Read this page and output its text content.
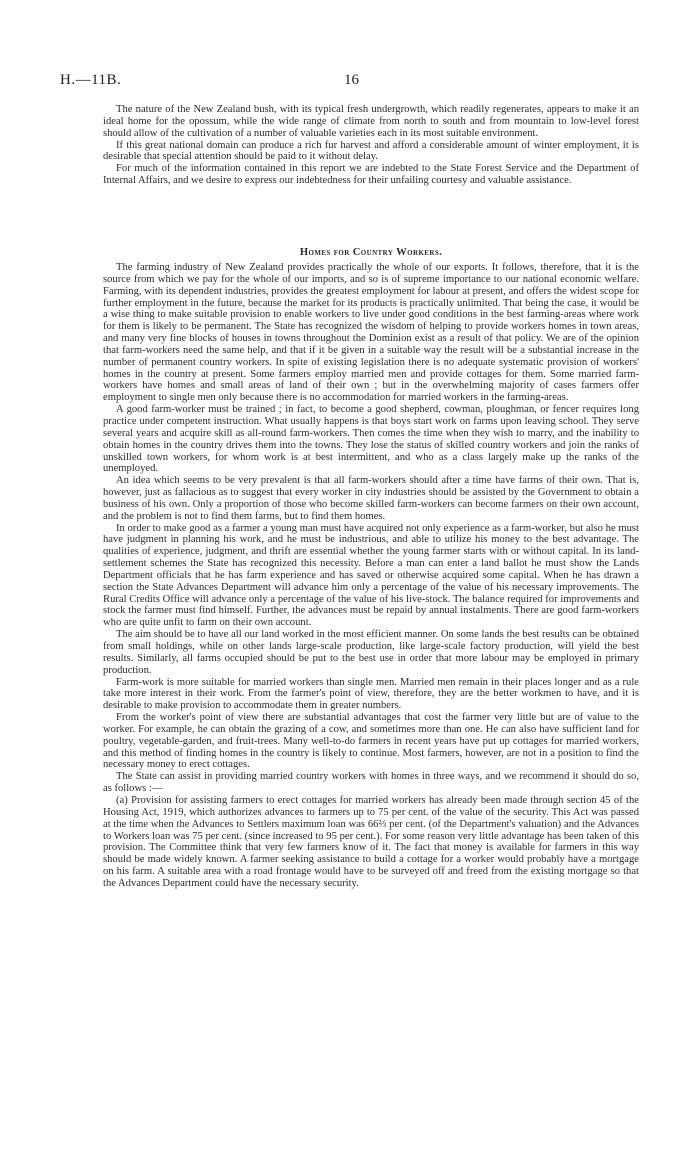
H.—11B.	16

The nature of the New Zealand bush, with its typical fresh undergrowth, which readily regenerates, appears to make it an ideal home for the opossum, while the wide range of climate from north to south and from mountain to low-level forest should allow of the cultivation of a number of valuable varieties each in its most suitable environment.

If this great national domain can produce a rich fur harvest and afford a considerable amount of winter employment, it is desirable that special attention should be paid to it without delay.

For much of the information contained in this report we are indebted to the State Forest Service and the Department of Internal Affairs, and we desire to express our indebtedness for their unfailing courtesy and valuable assistance.

Homes for Country Workers.

The farming industry of New Zealand provides practically the whole of our exports. It follows, therefore, that it is the source from which we pay for the whole of our imports, and so is of supreme importance to our national economic welfare. Farming, with its dependent industries, provides the greatest employment for labour at present, and offers the widest scope for further employment in the future, because the market for its products is practically unlimited. That being the case, it would be a wise thing to make suitable provision to enable workers to live under good conditions in the best farming-areas where work for them is likely to be permanent. The State has recognized the wisdom of helping to provide workers homes in town areas, and many very fine blocks of houses in towns throughout the Dominion exist as a result of that policy. We are of the opinion that farm-workers need the same help, and that if it be given in a suitable way the result will be a substantial increase in the number of permanent country workers. In spite of existing legislation there is no adequate systematic provision of workers' homes in the country at present. Some farmers employ married men and provide cottages for them. Some married farm-workers have homes and small areas of land of their own ; but in the overwhelming majority of cases farmers offer employment to single men only because there is no accommodation for married workers in the farming-areas.

A good farm-worker must be trained ; in fact, to become a good shepherd, cowman, ploughman, or fencer requires long practice under competent instruction. What usually happens is that boys start work on farms upon leaving school. They serve several years and acquire skill as all-round farm-workers. Then comes the time when they wish to marry, and the inability to obtain homes in the country drives them into the towns. They lose the status of skilled country workers and join the ranks of unskilled town workers, for whom work is at best intermittent, and who as a class largely make up the ranks of the unemployed.

An idea which seems to be very prevalent is that all farm-workers should after a time have farms of their own. That is, however, just as fallacious as to suggest that every worker in city industries should be assisted by the Government to obtain a business of his own. Only a proportion of those who become skilled farm-workers can become farmers on their own account, and the problem is not to find them farms, but to find them homes.

In order to make good as a farmer a young man must have acquired not only experience as a farm-worker, but also he must have judgment in planning his work, and he must be industrious, and able to utilize his money to the best advantage. The qualities of experience, judgment, and thrift are essential whether the young farmer starts with or without capital. In its land-settlement schemes the State has recognized this necessity. Before a man can enter a land ballot he must show the Lands Department officials that he has farm experience and has saved or otherwise acquired some capital. When he has drawn a section the State Advances Department will advance him only a percentage of the value of his necessary improvements. The Rural Credits Office will advance only a percentage of the value of his live-stock. The balance required for improvements and stock the farmer must find himself. Further, the advances must be repaid by annual instalments. There are good farm-workers who are quite unfit to farm on their own account.

The aim should be to have all our land worked in the most efficient manner. On some lands the best results can be obtained from small holdings, while on other lands large-scale production, like large-scale factory production, will yield the best results. Similarly, all farms occupied should be put to the best use in order that more labour may be employed in primary production.

Farm-work is more suitable for married workers than single men. Married men remain in their places longer and as a rule take more interest in their work. From the farmer's point of view, therefore, they are the better workmen to have, and it is desirable to make provision to accommodate them in greater numbers.

From the worker's point of view there are substantial advantages that cost the farmer very little but are of value to the worker. For example, he can obtain the grazing of a cow, and sometimes more than one. He can also have sufficient land for poultry, vegetable-garden, and fruit-trees. Many well-to-do farmers in recent years have put up cottages for married workers, and this method of finding homes in the country is likely to continue. Most farmers, however, are not in a position to find the necessary money to erect cottages.

The State can assist in providing married country workers with homes in three ways, and we recommend it should do so, as follows :—

(a) Provision for assisting farmers to erect cottages for married workers has already been made through section 45 of the Housing Act, 1919, which authorizes advances to farmers up to 75 per cent. of the value of the security. This Act was passed at the time when the Advances to Settlers maximum loan was 66⅔ per cent. (of the Department's valuation) and the Advances to Workers loan was 75 per cent. (since increased to 95 per cent.). For some reason very little advantage has been taken of this provision. The Committee think that very few farmers know of it. The fact that money is available for farmers in this way should be made widely known. A farmer seeking assistance to build a cottage for a worker would probably have a mortgage on his farm. A suitable area with a road frontage would have to be surveyed off and freed from the existing mortgage so that the Advances Department could have the necessary security.
